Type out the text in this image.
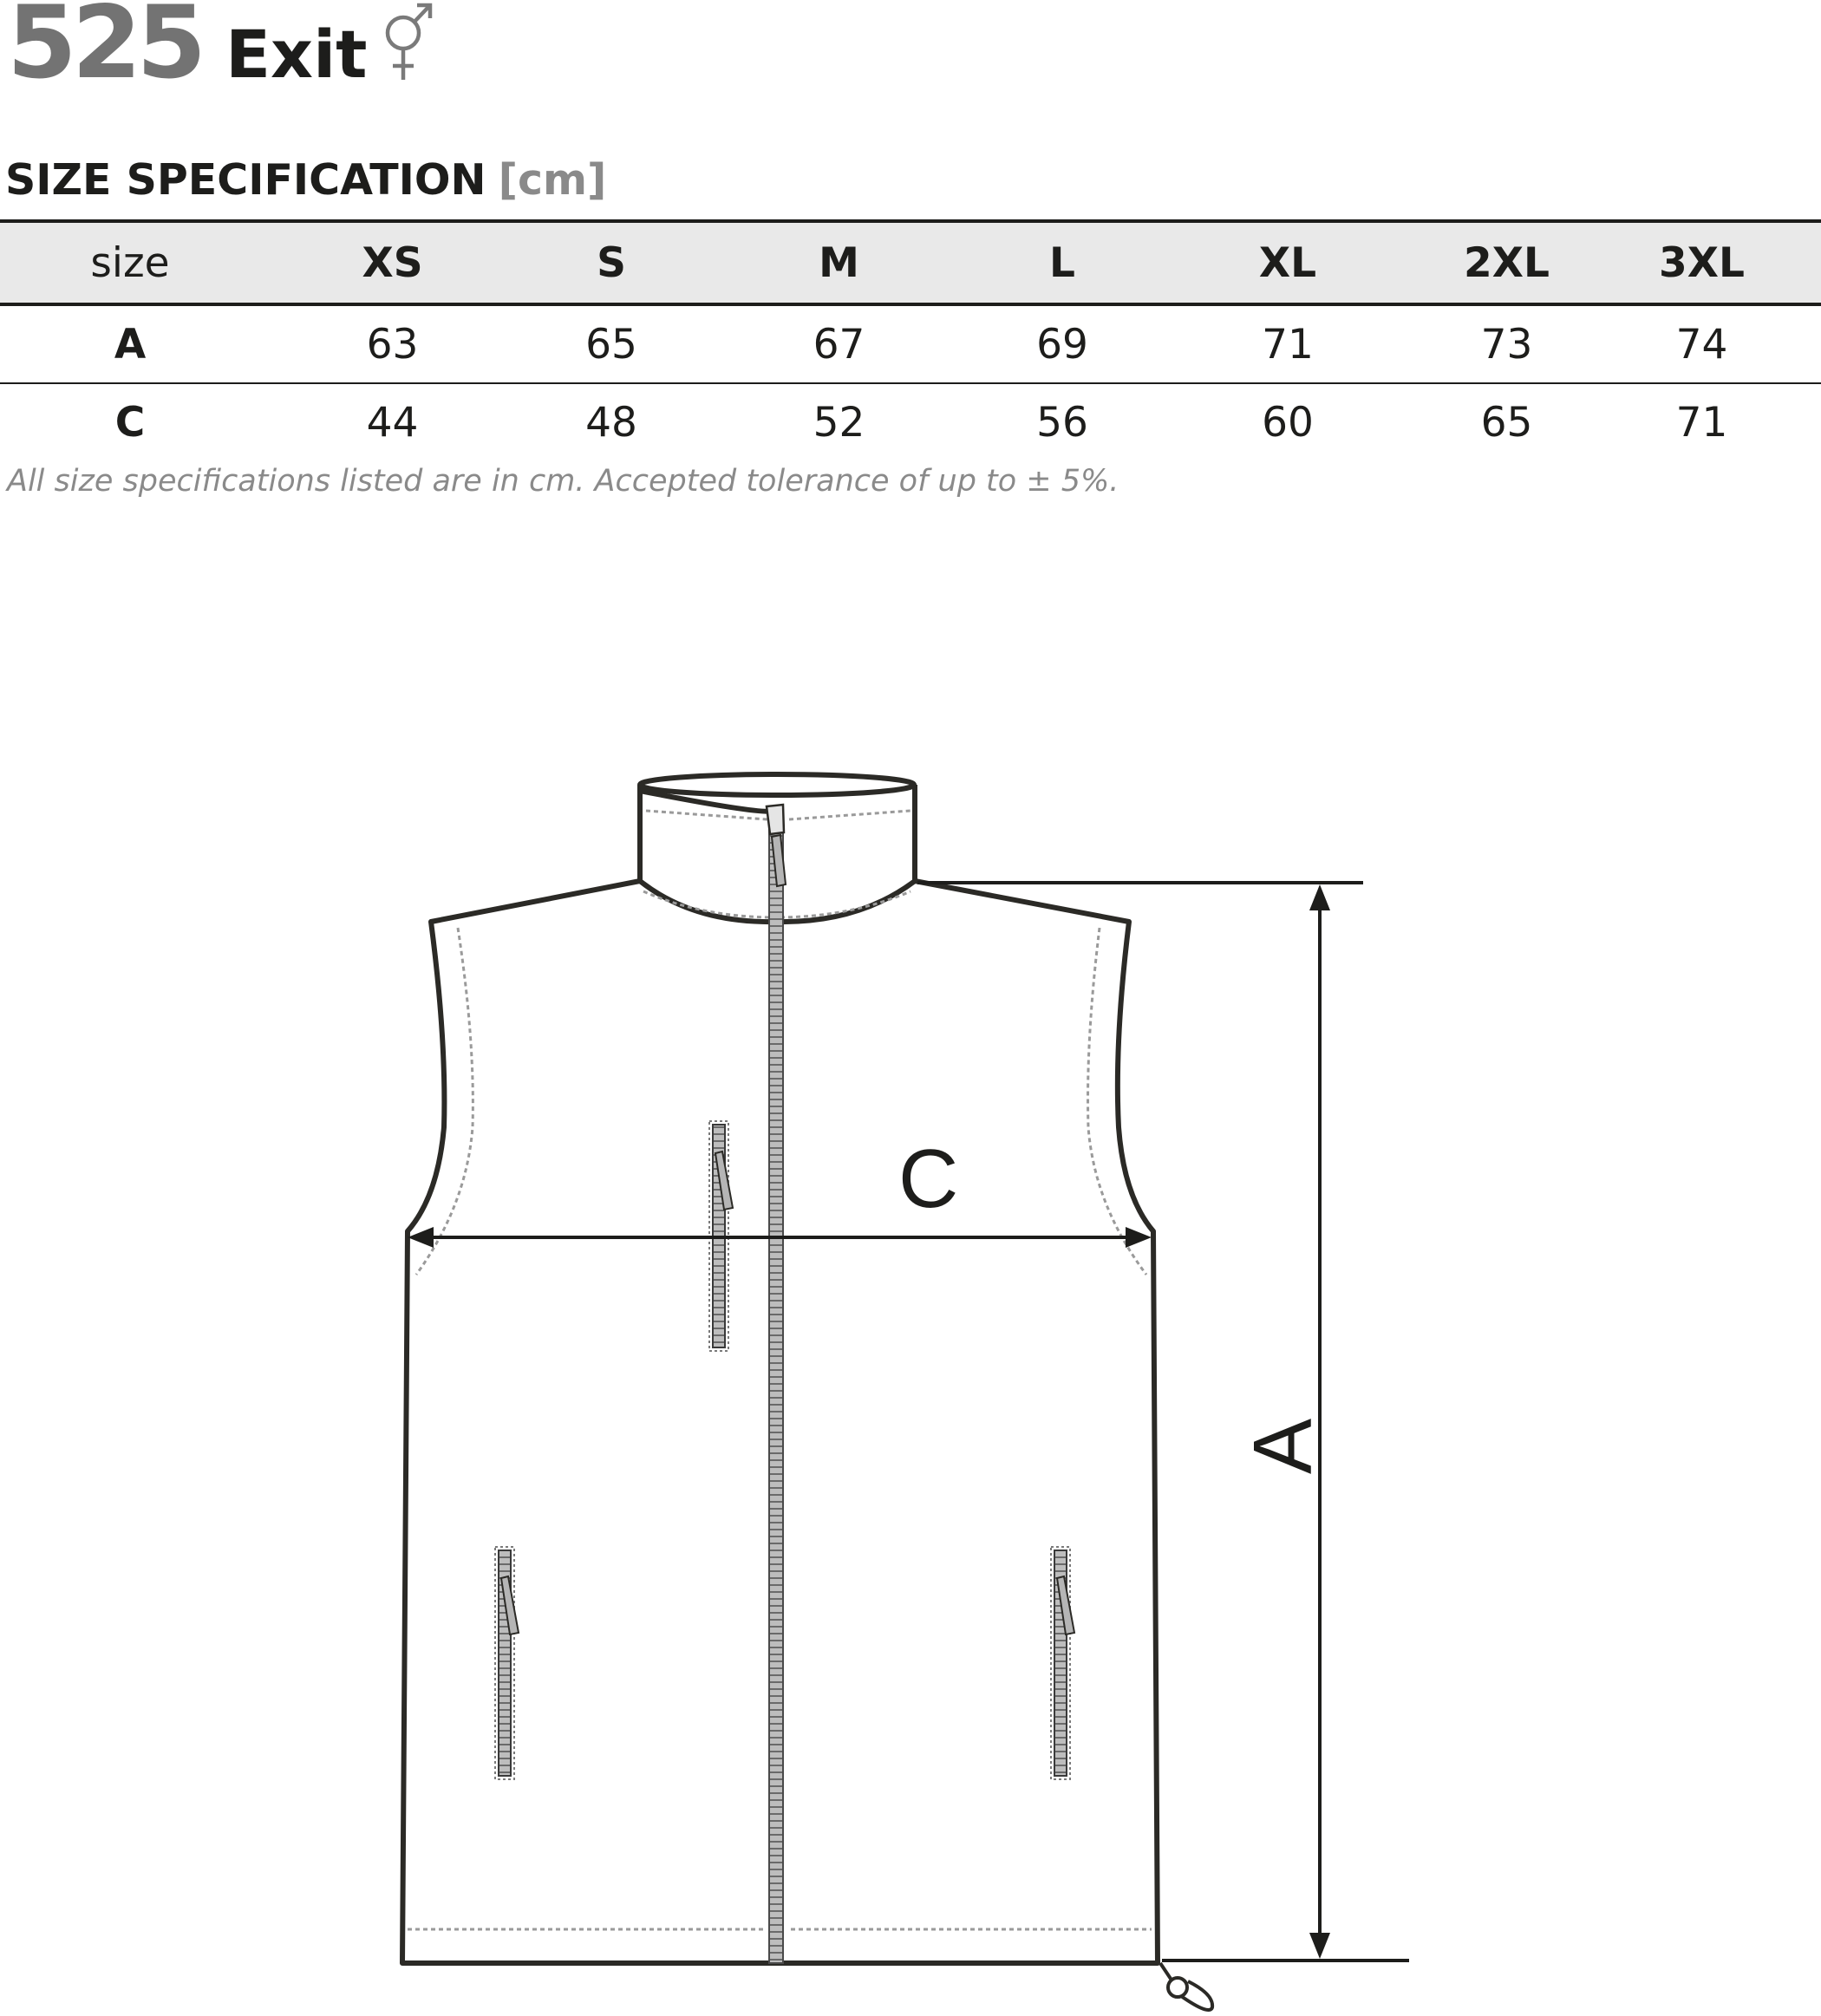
525 Exit
SIZE SPECIFICATION [cm]
size	XS	S	M	L	XL	2XL	3XL
A	63	65	67	69	71	73	74
C	44	48	52	56	60	65	71
All size specifications listed are in cm. Accepted tolerance of up to ± 5%.
C
A
